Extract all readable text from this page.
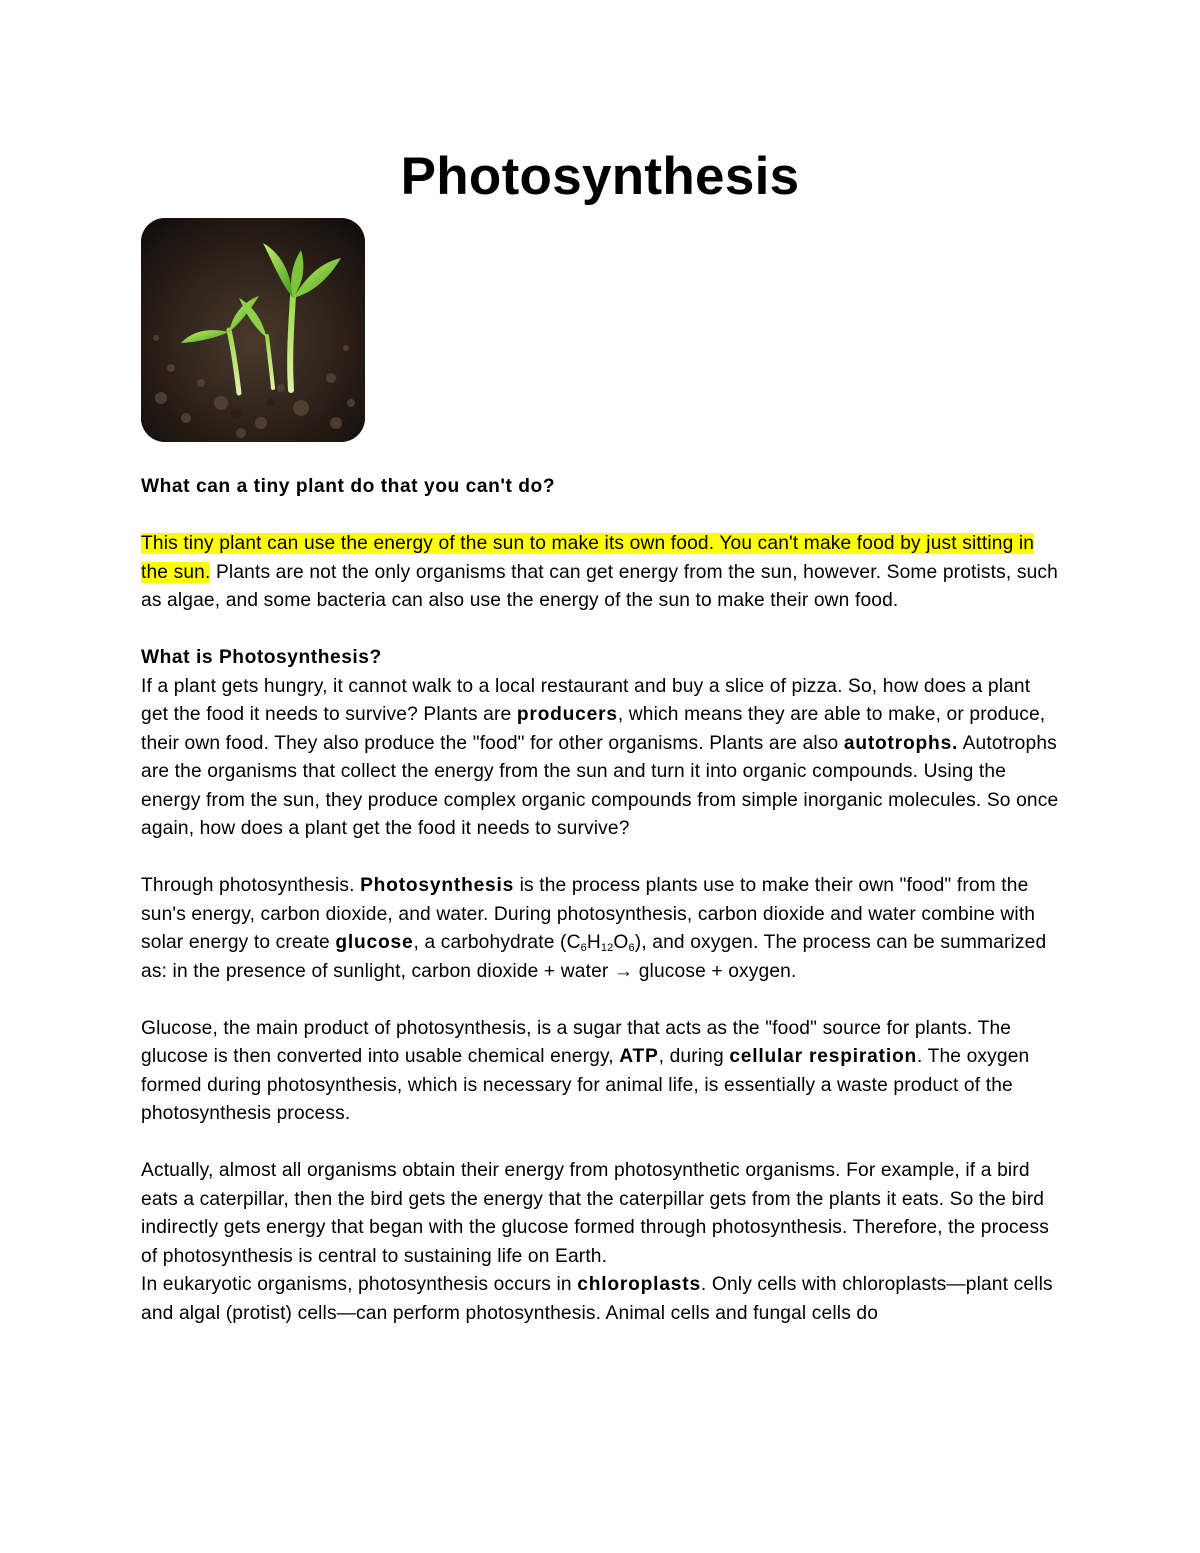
Photosynthesis

What can a tiny plant do that you can't do?

This tiny plant can use the energy of the sun to make its own food. You can't make food by just sitting in the sun. Plants are not the only organisms that can get energy from the sun, however. Some protists, such as algae, and some bacteria can also use the energy of the sun to make their own food.

What is Photosynthesis?

If a plant gets hungry, it cannot walk to a local restaurant and buy a slice of pizza. So, how does a plant get the food it needs to survive? Plants are producers, which means they are able to make, or produce, their own food. They also produce the "food" for other organisms. Plants are also autotrophs. Autotrophs are the organisms that collect the energy from the sun and turn it into organic compounds. Using the energy from the sun, they produce complex organic compounds from simple inorganic molecules. So once again, how does a plant get the food it needs to survive?

Through photosynthesis. Photosynthesis is the process plants use to make their own "food" from the sun's energy, carbon dioxide, and water. During photosynthesis, carbon dioxide and water combine with solar energy to create glucose, a carbohydrate $(C_6H_{12}O_6)$, and oxygen. The process can be summarized as: in the presence of sunlight, carbon dioxide + water → glucose + oxygen.

Glucose, the main product of photosynthesis, is a sugar that acts as the "food" source for plants. The glucose is then converted into usable chemical energy, ATP, during cellular respiration. The oxygen formed during photosynthesis, which is necessary for animal life, is essentially a waste product of the photosynthesis process.

Actually, almost all organisms obtain their energy from photosynthetic organisms. For example, if a bird eats a caterpillar, then the bird gets the energy that the caterpillar gets from the plants it eats. So the bird indirectly gets energy that began with the glucose formed through photosynthesis. Therefore, the process of photosynthesis is central to sustaining life on Earth.

In eukaryotic organisms, photosynthesis occurs in chloroplasts. Only cells with chloroplasts—plant cells and algal (protist) cells—can perform photosynthesis. Animal cells and fungal cells do
